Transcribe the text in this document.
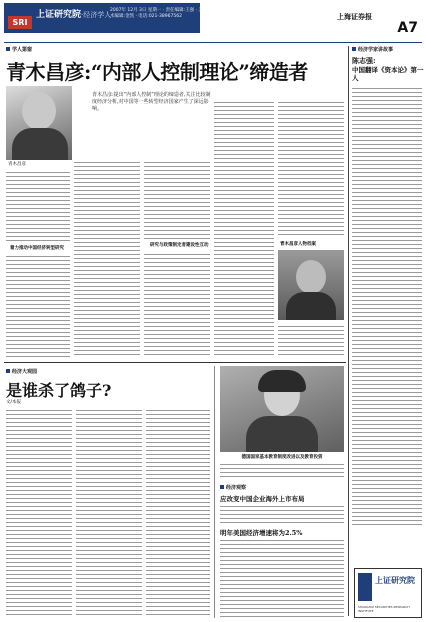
SRI
上证研究院·经济学人
2007年 12月 3日 星期一 · 责任编辑:王强 · 美术编辑:金凯 · 电话:021-38967562	上海证券报
A7
学人第窗
青木昌彦:“内部人控制理论”缔造者
青木昌彦
青木昌彦:提出“内部人控制”理论的缔造者,关注比较制度经济分析,对中国等一些转型经济国家产生了深远影响。
着力推动中国经济转型研究
研究与政策制定者建设性互动	青木昌彦人物档案
经济学家讲故事
陈志强:
中国翻译《资本论》第一人
上证研究院
SHANGHAI SECURITIES RESEARCH INSTITUTE
经济大观园
是谁杀了鸽子?
文/本报
德国国家基本教育制度改进以及教育投资
经济观察
应改变中国企业海外上市布局
明年美国经济增速将为2.5%
